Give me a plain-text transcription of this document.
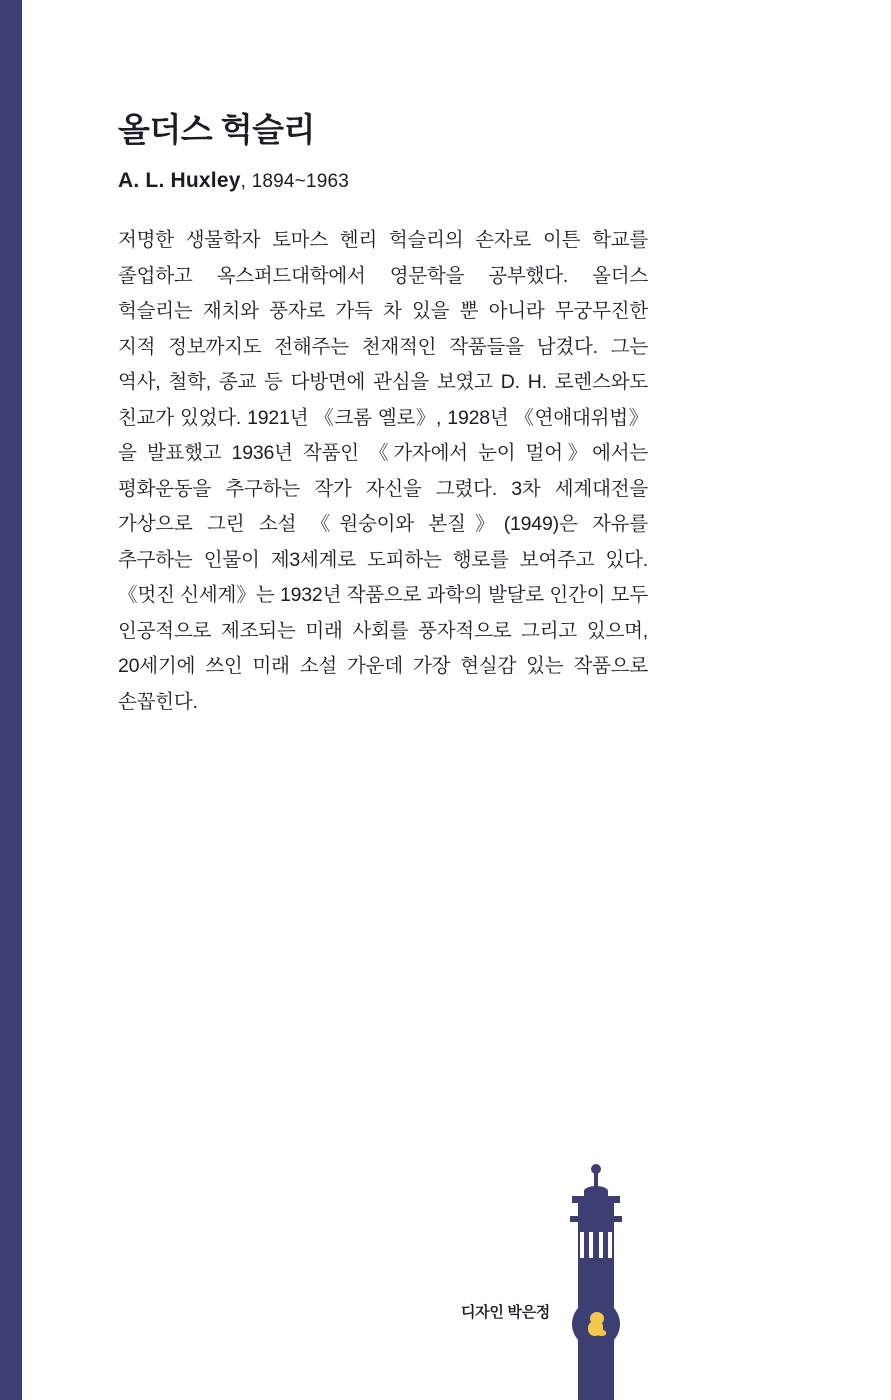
올더스 헉슬리

A. L. Huxley, 1894~1963

저명한 생물학자 토마스 헨리 헉슬리의 손자로 이튼 학교를 졸업하고 옥스퍼드대학에서 영문학을 공부했다. 올더스 헉슬리는 재치와 풍자로 가득 차 있을 뿐 아니라 무궁무진한 지적 정보까지도 전해주는 천재적인 작품들을 남겼다. 그는 역사, 철학, 종교 등 다방면에 관심을 보였고 D. H. 로렌스와도 친교가 있었다. 1921년 《크롬 옐로》, 1928년 《연애대위법》을 발표했고 1936년 작품인 《가자에서 눈이 멀어》에서는 평화운동을 추구하는 작가 자신을 그렸다. 3차 세계대전을 가상으로 그린 소설 《원숭이와 본질》(1949)은 자유를 추구하는 인물이 제3세계로 도피하는 행로를 보여주고 있다. 《멋진 신세계》는 1932년 작품으로 과학의 발달로 인간이 모두 인공적으로 제조되는 미래 사회를 풍자적으로 그리고 있으며, 20세기에 쓰인 미래 소설 가운데 가장 현실감 있는 작품으로 손꼽힌다.

디자인 박은정
